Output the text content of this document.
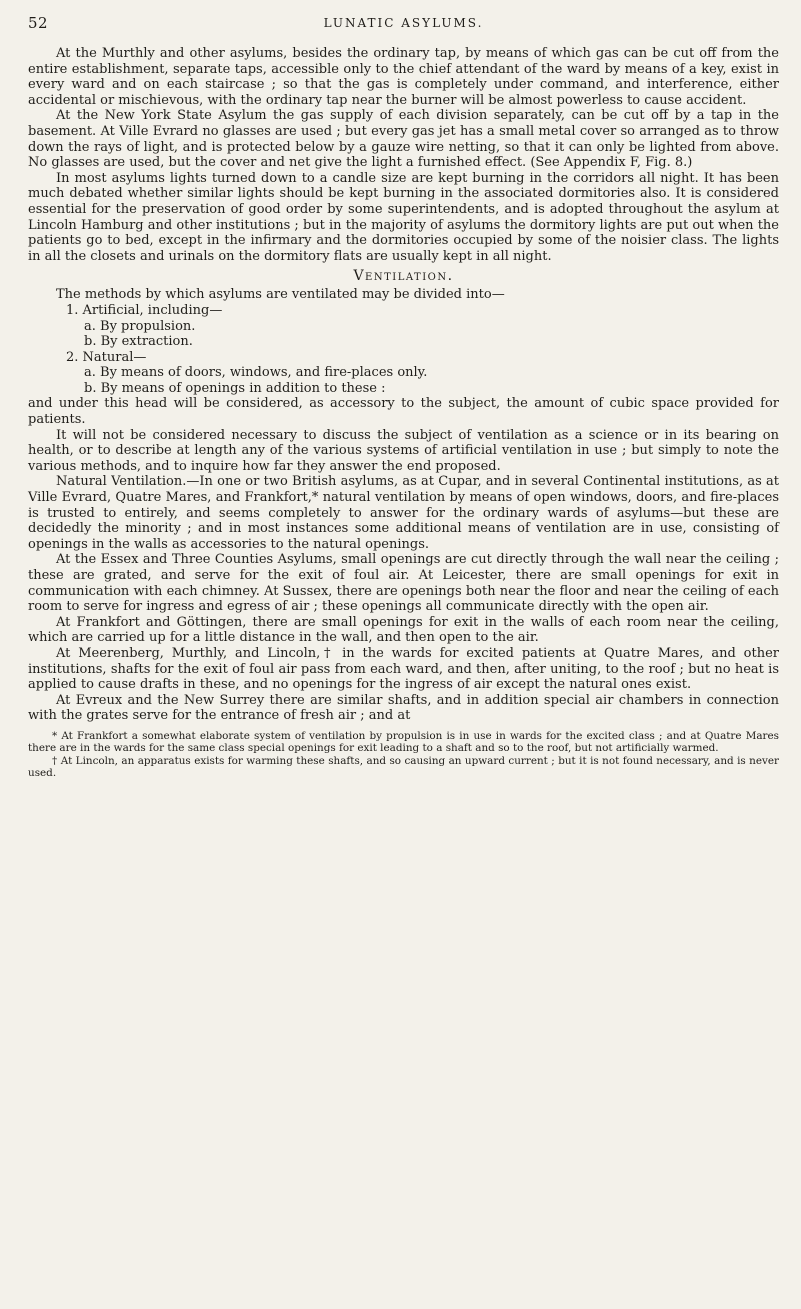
52	LUNATIC ASYLUMS.

At the Murthly and other asylums, besides the ordinary tap, by means of which gas can be cut off from the entire establishment, separate taps, accessible only to the chief attendant of the ward by means of a key, exist in every ward and on each staircase ; so that the gas is completely under command, and interference, either accidental or mischievous, with the ordinary tap near the burner will be almost powerless to cause accident.

At the New York State Asylum the gas supply of each division separately, can be cut off by a tap in the basement. At Ville Evrard no glasses are used ; but every gas jet has a small metal cover so arranged as to throw down the rays of light, and is protected below by a gauze wire netting, so that it can only be lighted from above. No glasses are used, but the cover and net give the light a furnished effect. (See Appendix F, Fig. 8.)

In most asylums lights turned down to a candle size are kept burning in the corridors all night. It has been much debated whether similar lights should be kept burning in the associated dormitories also. It is considered essential for the preservation of good order by some superintendents, and is adopted throughout the asylum at Lincoln Hamburg and other institutions ; but in the majority of asylums the dormitory lights are put out when the patients go to bed, except in the infirmary and the dormitories occupied by some of the noisier class. The lights in all the closets and urinals on the dormitory flats are usually kept in all night.

Ventilation.

The methods by which asylums are ventilated may be divided into—

1. Artificial, including—
a. By propulsion.
b. By extraction.
2. Natural—
a. By means of doors, windows, and fire-places only.
b. By means of openings in addition to these :

and under this head will be considered, as accessory to the subject, the amount of cubic space provided for patients.

It will not be considered necessary to discuss the subject of ventilation as a science or in its bearing on health, or to describe at length any of the various systems of artificial ventilation in use ; but simply to note the various methods, and to inquire how far they answer the end proposed.

Natural Ventilation.—In one or two British asylums, as at Cupar, and in several Continental institutions, as at Ville Evrard, Quatre Mares, and Frankfort,* natural ventilation by means of open windows, doors, and fire-places is trusted to entirely, and seems completely to answer for the ordinary wards of asylums—but these are decidedly the minority ; and in most instances some additional means of ventilation are in use, consisting of openings in the walls as accessories to the natural openings.

At the Essex and Three Counties Asylums, small openings are cut directly through the wall near the ceiling ; these are grated, and serve for the exit of foul air. At Leicester, there are small openings for exit in communication with each chimney. At Sussex, there are openings both near the floor and near the ceiling of each room to serve for ingress and egress of air ; these openings all communicate directly with the open air.

At Frankfort and Göttingen, there are small openings for exit in the walls of each room near the ceiling, which are carried up for a little distance in the wall, and then open to the air.

At Meerenberg, Murthly, and Lincoln,† in the wards for excited patients at Quatre Mares, and other institutions, shafts for the exit of foul air pass from each ward, and then, after uniting, to the roof ; but no heat is applied to cause drafts in these, and no openings for the ingress of air except the natural ones exist.

At Evreux and the New Surrey there are similar shafts, and in addition special air chambers in connection with the grates serve for the entrance of fresh air ; and at

* At Frankfort a somewhat elaborate system of ventilation by propulsion is in use in wards for the excited class ; and at Quatre Mares there are in the wards for the same class special openings for exit leading to a shaft and so to the roof, but not artificially warmed.

† At Lincoln, an apparatus exists for warming these shafts, and so causing an upward current ; but it is not found necessary, and is never used.
